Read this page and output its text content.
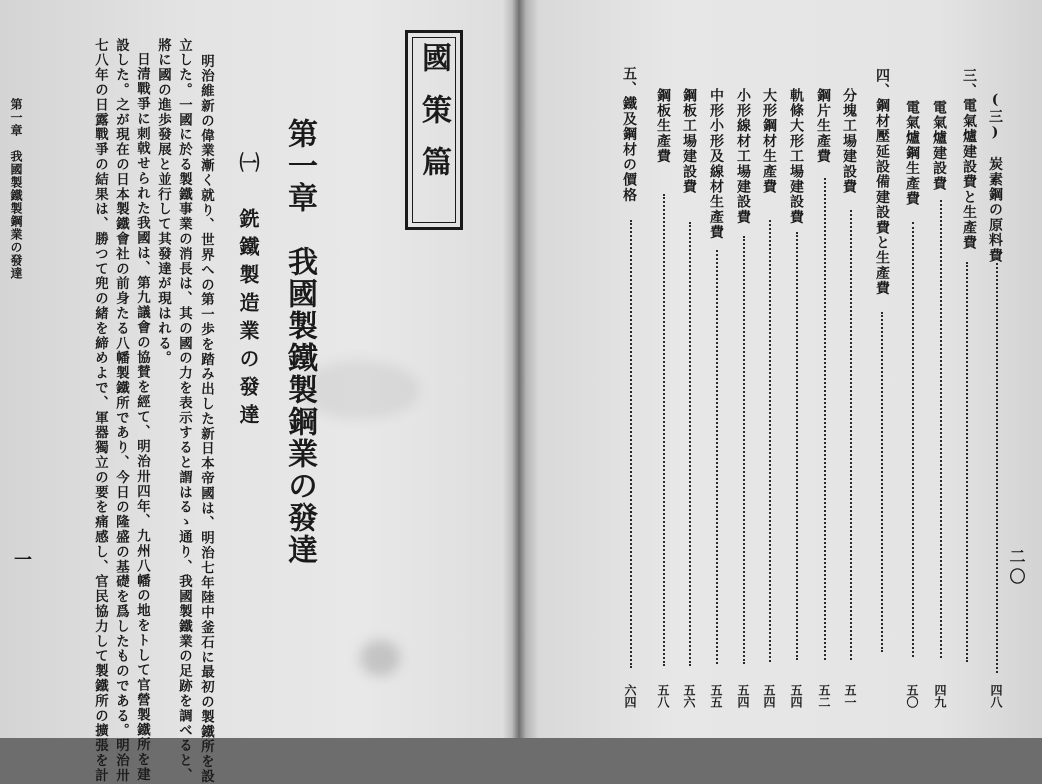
國策篇
第一章　我國製鐵製鋼業の發達
㈠　銑鐵製造業の發達
明治維新の偉業漸く就り、世界への第一歩を踏み出した新日本帝國は、明治七年陸中釜石に最初の製鐵所を設
立した。一國に於る製鐵事業の消長は、其の國の力を表示すると謂はるゝ通り、我國製鐵業の足跡を調べると、
將に國の進歩發展と並行して其發達が現はれる。
日清戰爭に刺戟せられた我國は、第九議會の協賛を經て、明治卅四年、九州八幡の地をトして官營製鐵所を建
設した。之が現在の日本製鐵會社の前身たる八幡製鐵所であり、今日の隆盛の基礎を爲したものである。明治卅
七八年の日露戰爭の結果は、勝つて兜の緒を締めよで、軍器獨立の要を痛感し、官民協力して製鐵所の擴張を計
第一章　我國製鐵製鋼業の發達
一
(三)　炭素鋼の原料費
三、電氣爐建設費と生產費
電氣爐建設費
電氣爐鋼生產費
四、鋼材壓延設備建設費と生產費
分塊工場建設費
鋼片生產費
軌條大形工場建設費
大形鋼材生產費
小形線材工場建設費
中形小形及線材生產費
鋼板工場建設費
鋼板生產費
五、鐵及鋼材の價格
四八
四九
五〇
五一
五二
五四
五四
五四
五五
五六
五八
六四
二〇
